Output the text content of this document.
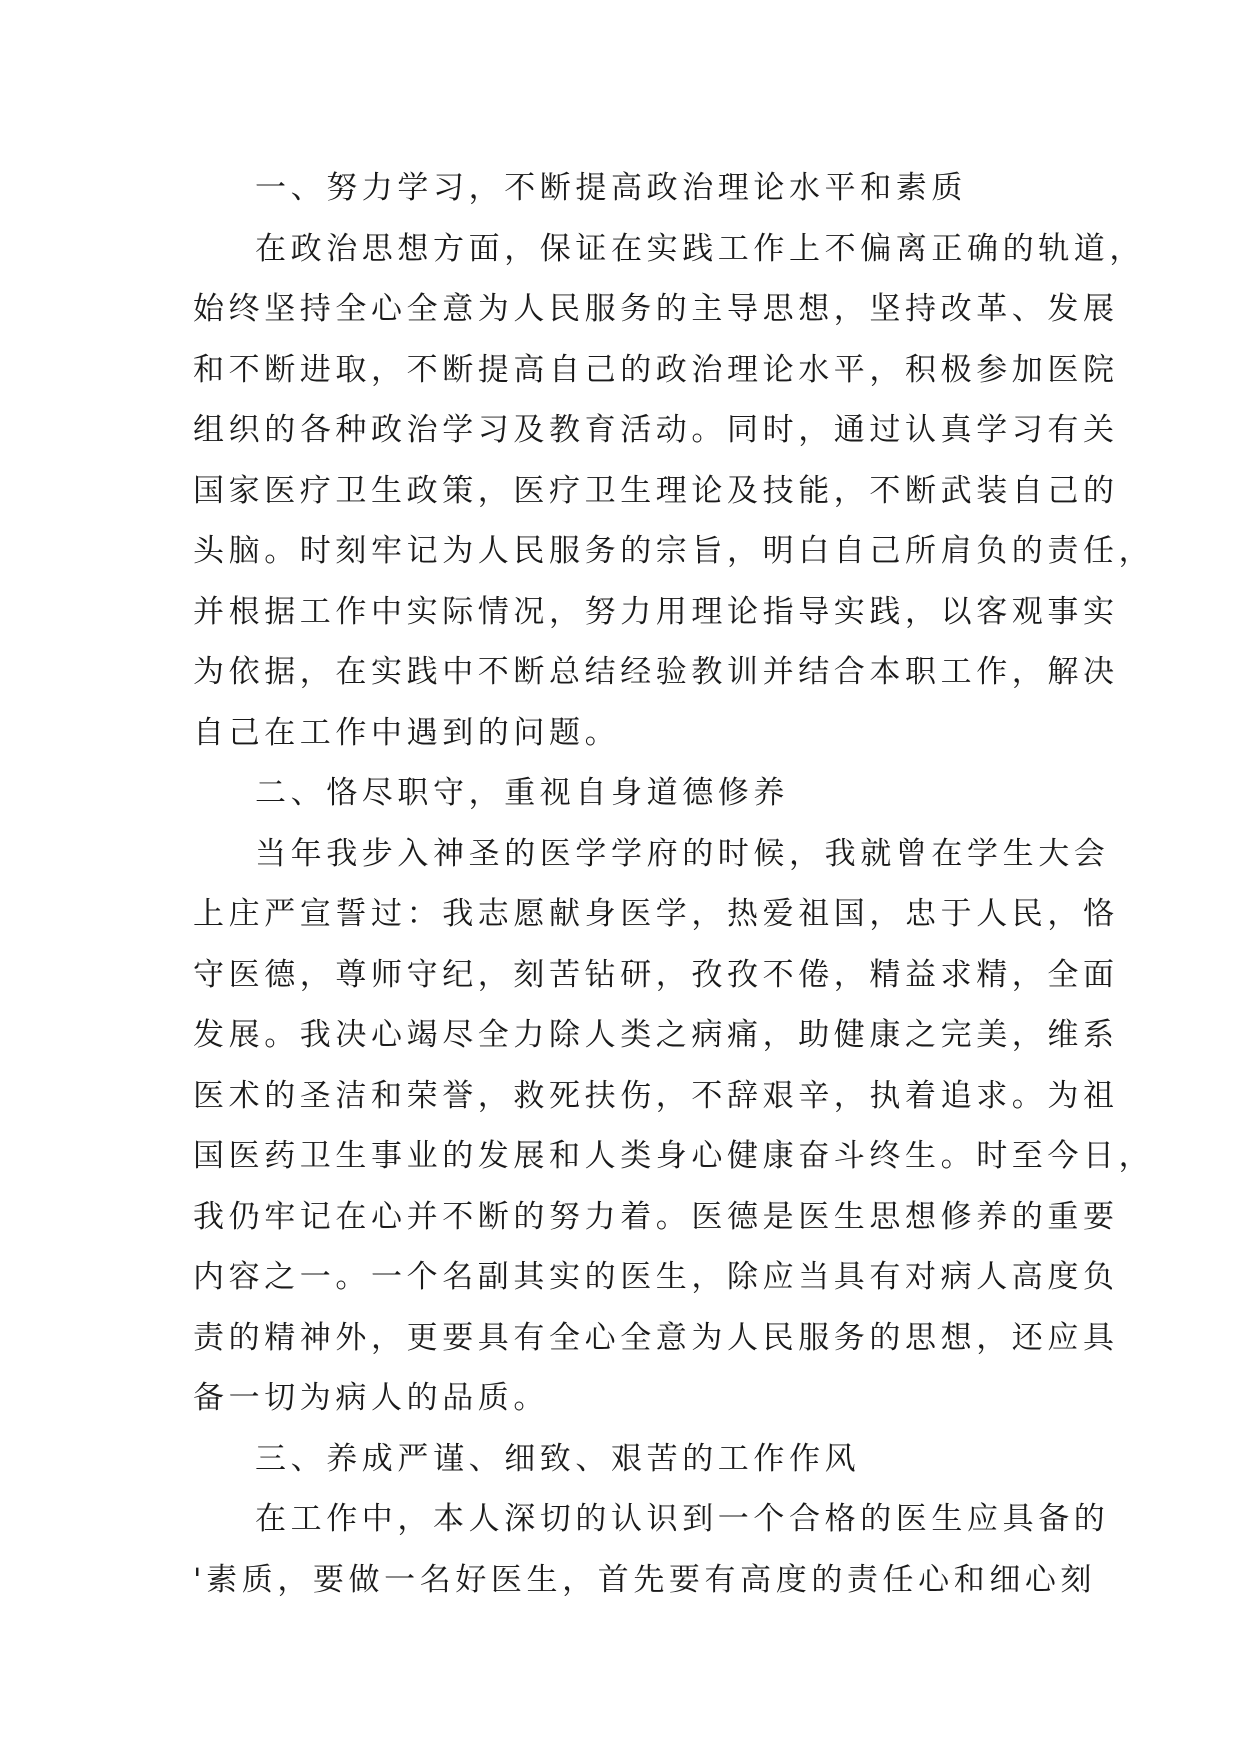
一、努力学习，不断提高政治理论水平和素质
在政治思想方面，保证在实践工作上不偏离正确的轨道，
始终坚持全心全意为人民服务的主导思想，坚持改革、发展
和不断进取，不断提高自己的政治理论水平，积极参加医院
组织的各种政治学习及教育活动。同时，通过认真学习有关
国家医疗卫生政策，医疗卫生理论及技能，不断武装自己的
头脑。时刻牢记为人民服务的宗旨，明白自己所肩负的责任，
并根据工作中实际情况，努力用理论指导实践，以客观事实
为依据，在实践中不断总结经验教训并结合本职工作，解决
自己在工作中遇到的问题。
二、恪尽职守，重视自身道德修养
当年我步入神圣的医学学府的时候，我就曾在学生大会
上庄严宣誓过：我志愿献身医学，热爱祖国，忠于人民，恪
守医德，尊师守纪，刻苦钻研，孜孜不倦，精益求精，全面
发展。我决心竭尽全力除人类之病痛，助健康之完美，维系
医术的圣洁和荣誉，救死扶伤，不辞艰辛，执着追求。为祖
国医药卫生事业的发展和人类身心健康奋斗终生。时至今日，
我仍牢记在心并不断的努力着。医德是医生思想修养的重要
内容之一。一个名副其实的医生，除应当具有对病人高度负
责的精神外，更要具有全心全意为人民服务的思想，还应具
备一切为病人的品质。
三、养成严谨、细致、艰苦的工作作风
在工作中，本人深切的认识到一个合格的医生应具备的
'素质，要做一名好医生，首先要有高度的责任心和细心刻
